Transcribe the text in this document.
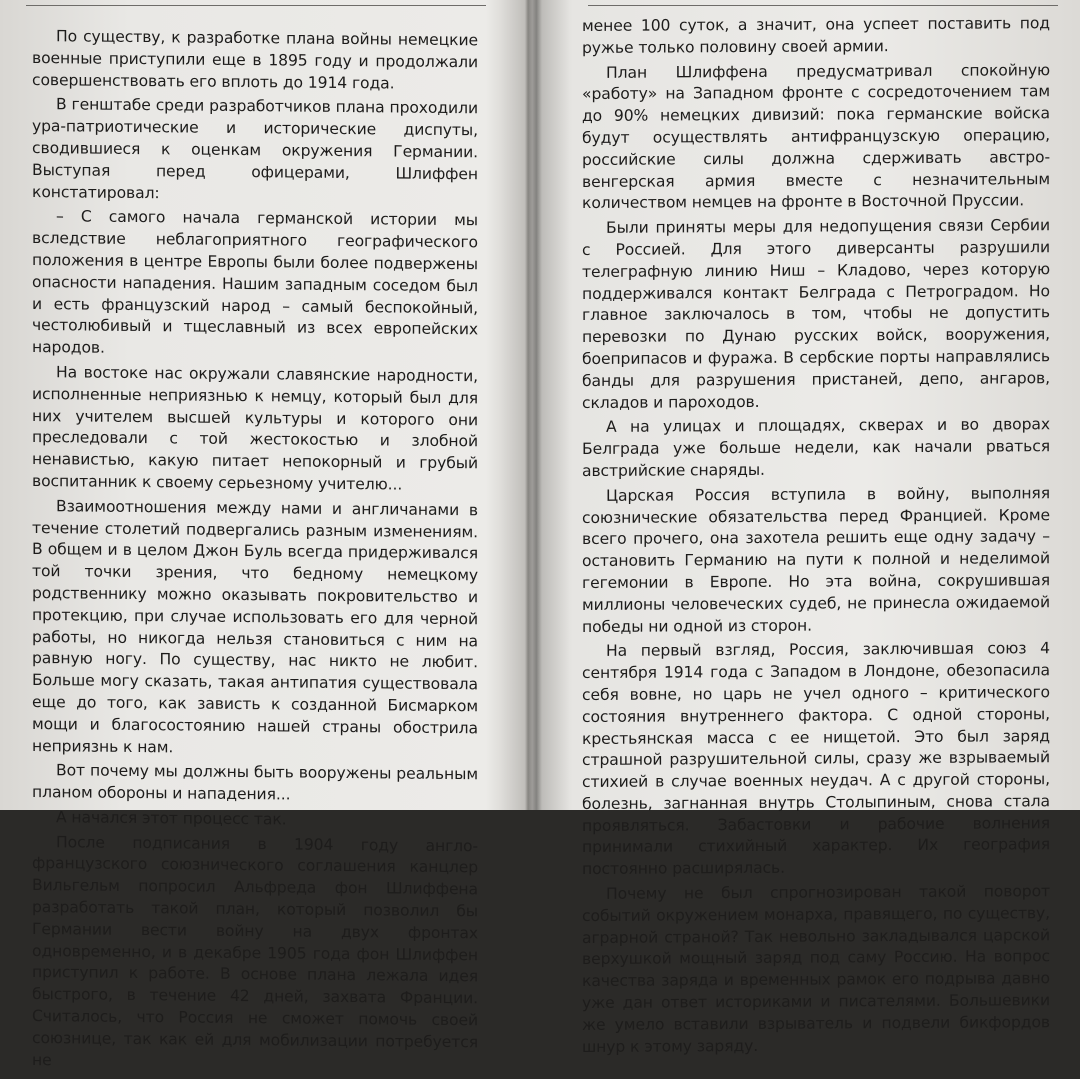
По существу, к разработке плана войны немецкие военные приступили еще в 1895 году и продолжали совершенствовать его вплоть до 1914 года.

В генштабе среди разработчиков плана проходили ура-патриотические и исторические диспуты, сводившиеся к оценкам окружения Германии. Выступая перед офицерами, Шлиффен констатировал:

– С самого начала германской истории мы вследствие неблагоприятного географического положения в центре Европы были более подвержены опасности нападения. Нашим западным соседом был и есть французский народ – самый беспокойный, честолюбивый и тщеславный из всех европейских народов.

На востоке нас окружали славянские народности, исполненные неприязнью к немцу, который был для них учителем высшей культуры и которого они преследовали с той жестокостью и злобной ненавистью, какую питает непокорный и грубый воспитанник к своему серьезному учителю...

Взаимоотношения между нами и англичанами в течение столетий подвергались разным изменениям. В общем и в целом Джон Буль всегда придерживался той точки зрения, что бедному немецкому родственнику можно оказывать покровительство и протекцию, при случае использовать его для черной работы, но никогда нельзя становиться с ним на равную ногу. По существу, нас никто не любит. Больше могу сказать, такая антипатия существовала еще до того, как зависть к созданной Бисмарком мощи и благосостоянию нашей страны обострила неприязнь к нам.

Вот почему мы должны быть вооружены реальным планом обороны и нападения...

А начался этот процесс так.

После подписания в 1904 году англо-французского союзнического соглашения канцлер Вильгельм попросил Альфреда фон Шлиффена разработать такой план, который позволил бы Германии вести войну на двух фронтах одновременно, и в декабре 1905 года фон Шлиффен приступил к работе. В основе плана лежала идея быстрого, в течение 42 дней, захвата Франции. Считалось, что Россия не сможет помочь своей союзнице, так как ей для мобилизации потребуется не

менее 100 суток, а значит, она успеет поставить под ружье только половину своей армии.

План Шлиффена предусматривал спокойную «работу» на Западном фронте с сосредоточением там до 90% немецких дивизий: пока германские войска будут осуществлять антифранцузскую операцию, российские силы должна сдерживать австро-венгерская армия вместе с незначительным количеством немцев на фронте в Восточной Пруссии.

Были приняты меры для недопущения связи Сербии с Россией. Для этого диверсанты разрушили телеграфную линию Ниш – Кладово, через которую поддерживался контакт Белграда с Петроградом. Но главное заключалось в том, чтобы не допустить перевозки по Дунаю русских войск, вооружения, боеприпасов и фуража. В сербские порты направлялись банды для разрушения пристаней, депо, ангаров, складов и пароходов.

А на улицах и площадях, скверах и во дворах Белграда уже больше недели, как начали рваться австрийские снаряды.

Царская Россия вступила в войну, выполняя союзнические обязательства перед Францией. Кроме всего прочего, она захотела решить еще одну задачу – остановить Германию на пути к полной и неделимой гегемонии в Европе. Но эта война, сокрушившая миллионы человеческих судеб, не принесла ожидаемой победы ни одной из сторон.

На первый взгляд, Россия, заключившая союз 4 сентября 1914 года с Западом в Лондоне, обезопасила себя вовне, но царь не учел одного – критического состояния внутреннего фактора. С одной стороны, крестьянская масса с ее нищетой. Это был заряд страшной разрушительной силы, сразу же взрываемый стихией в случае военных неудач. А с другой стороны, болезнь, загнанная внутрь Столыпиным, снова стала проявляться. Забастовки и рабочие волнения принимали стихийный характер. Их география постоянно расширялась.

Почему не был спрогнозирован такой поворот событий окружением монарха, правящего, по существу, аграрной страной? Так невольно закладывался царской верхушкой мощный заряд под саму Россию. На вопрос качества заряда и временных рамок его подрыва давно уже дан ответ историками и писателями. Большевики же умело вставили взрыватель и подвели бикфордов шнур к этому заряду.
